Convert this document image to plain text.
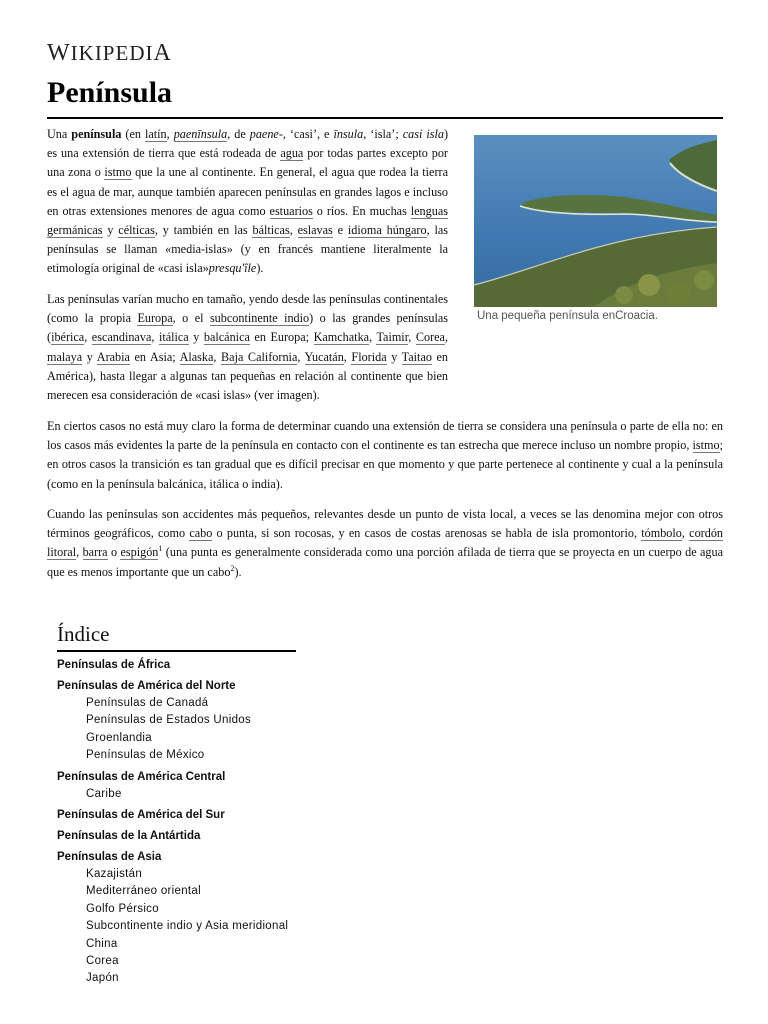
WIKIPEDIA
Península

Una península (en latín, paenīnsula, de paene-, ‘casi’, e īnsula, ‘isla’; casi isla) es una extensión de tierra que está rodeada de agua por todas partes excepto por una zona o istmo que la une al continente. En general, el agua que rodea la tierra es el agua de mar, aunque también aparecen penínsulas en grandes lagos e incluso en otras extensiones menores de agua como estuarios o ríos. En muchas lenguas germánicas y célticas, y también en las bálticas, eslavas e idioma húngaro, las penínsulas se llaman «media-islas» (y en francés mantiene literalmente la etimología original de «casi isla»presqu'île).

Una pequeña península enCroacia.

Las penínsulas varían mucho en tamaño, yendo desde las penínsulas continentales (como la propia Europa, o el subcontinente indio) o las grandes penínsulas (ibérica, escandinava, itálica y balcánica en Europa; Kamchatka, Taimir, Corea, malaya y Arabia en Asia; Alaska, Baja California, Yucatán, Florida y Taitao en América), hasta llegar a algunas tan pequeñas en relación al continente que bien merecen esa consideración de «casi islas» (ver imagen).

En ciertos casos no está muy claro la forma de determinar cuando una extensión de tierra se considera una península o parte de ella no: en los casos más evidentes la parte de la península en contacto con el continente es tan estrecha que merece incluso un nombre propio, istmo; en otros casos la transición es tan gradual que es difícil precisar en que momento y que parte pertenece al continente y cual a la península (como en la península balcánica, itálica o india).

Cuando las penínsulas son accidentes más pequeños, relevantes desde un punto de vista local, a veces se las denomina mejor con otros términos geográficos, como cabo o punta, si son rocosas, y en casos de costas arenosas se habla de isla promontorio, tómbolo, cordón litoral, barra o espigón$^1$ (una punta es generalmente considerada como una porción afilada de tierra que se proyecta en un cuerpo de agua que es menos importante que un cabo$^2$).

Índice
Penínsulas de África
Penínsulas de América del Norte
Penínsulas de Canadá
Penínsulas de Estados Unidos
Groenlandia
Penínsulas de México
Penínsulas de América Central
Caribe
Penínsulas de América del Sur
Penínsulas de la Antártida
Penínsulas de Asia
Kazajistán
Mediterráneo oriental
Golfo Pérsico
Subcontinente indio y Asia meridional
China
Corea
Japón
